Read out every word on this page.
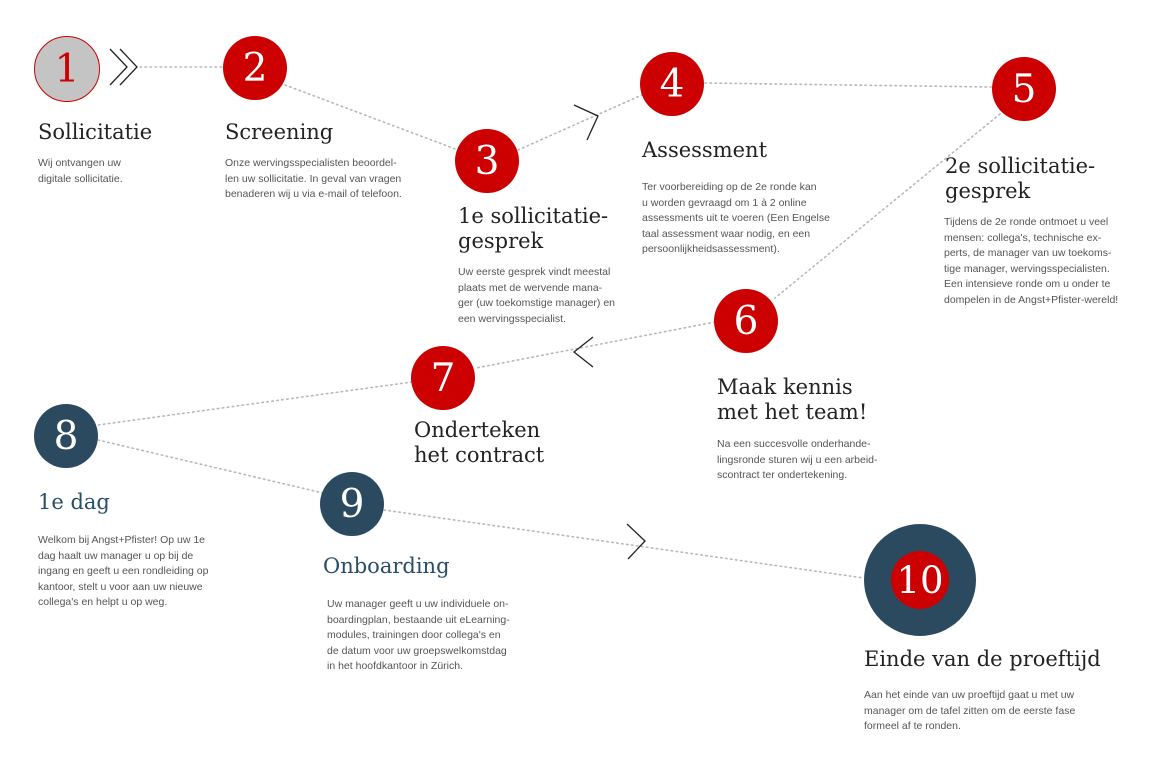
1
Sollicitatie

Wij ontvangen uw
digitale sollicitatie.

2
Screening

Onze wervingsspecialisten beoordel-
len uw sollicitatie. In geval van vragen
benaderen wij u via e-mail of telefoon.

3
1e sollicitatie-
gesprek

Uw eerste gesprek vindt meestal
plaats met de wervende mana-
ger (uw toekomstige manager) en
een wervingsspecialist.

4
Assessment

Ter voorbereiding op de 2e ronde kan
u worden gevraagd om 1 à 2 online
assessments uit te voeren (Een Engelse
taal assessment waar nodig, en een
persoonlijkheidsassessment).

5
2e sollicitatie-
gesprek

Tijdens de 2e ronde ontmoet u veel
mensen: collega's, technische ex-
perts, de manager van uw toekoms-
tige manager, wervingsspecialisten.
Een intensieve ronde om u onder te
dompelen in de Angst+Pfister-wereld!

6
Maak kennis
met het team!

Na een succesvolle onderhande-
lingsronde sturen wij u een arbeid-
scontract ter ondertekening.

7
Onderteken
het contract
8
1e dag

Welkom bij Angst+Pfister! Op uw 1e
dag haalt uw manager u op bij de
ingang en geeft u een rondleiding op
kantoor, stelt u voor aan uw nieuwe
collega's en helpt u op weg.

9
Onboarding

Uw manager geeft u uw individuele on-
boardingplan, bestaande uit eLearning-
modules, trainingen door collega's en
de datum voor uw groepswelkomstdag
in het hoofdkantoor in Zürich.

10
Einde van de proeftijd

Aan het einde van uw proeftijd gaat u met uw
manager om de tafel zitten om de eerste fase
formeel af te ronden.
